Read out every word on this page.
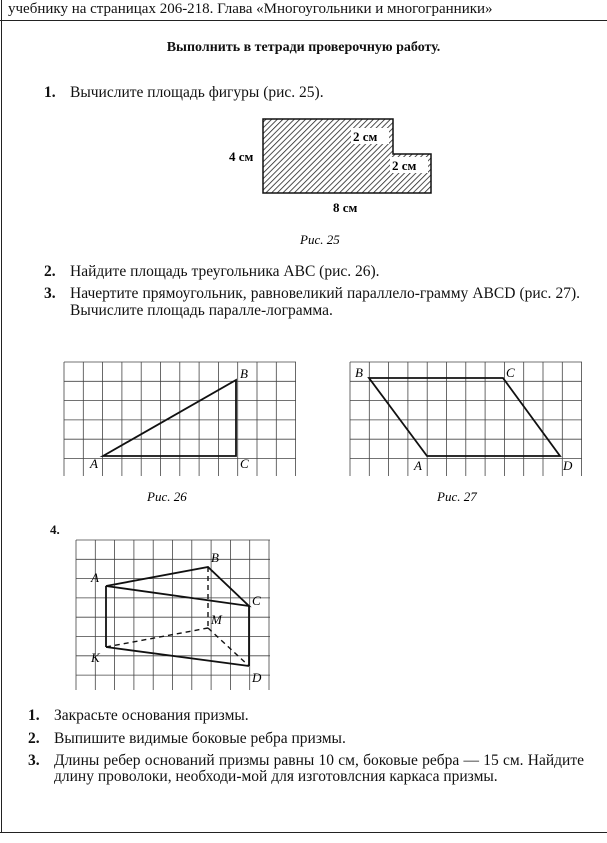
учебнику на страницах 206-218. Глава «Многоугольники и многогранники»
Выполнить в тетради проверочную работу.
1. Вычислите площадь фигуры (рис. 25).
4 см
2 см
2 см
8 см
Рис. 25
2. Найдите площадь треугольника ABC (рис. 26).
3. Начертите прямоугольник, равновеликий параллело-грамму ABCD (рис. 27). Вычислите площадь паралле-лограмма.
A
B
C
Рис. 26
B	C
A	D
Рис. 27
4.
A
B
C
M
K
D
1. Закрасьте основания призмы.
2. Выпишите видимые боковые ребра призмы.
3. Длины ребер оснований призмы равны 10 см, боковые ребра — 15 см. Найдите длину проволоки, необходи-мой для изготовлсния каркаса призмы.
